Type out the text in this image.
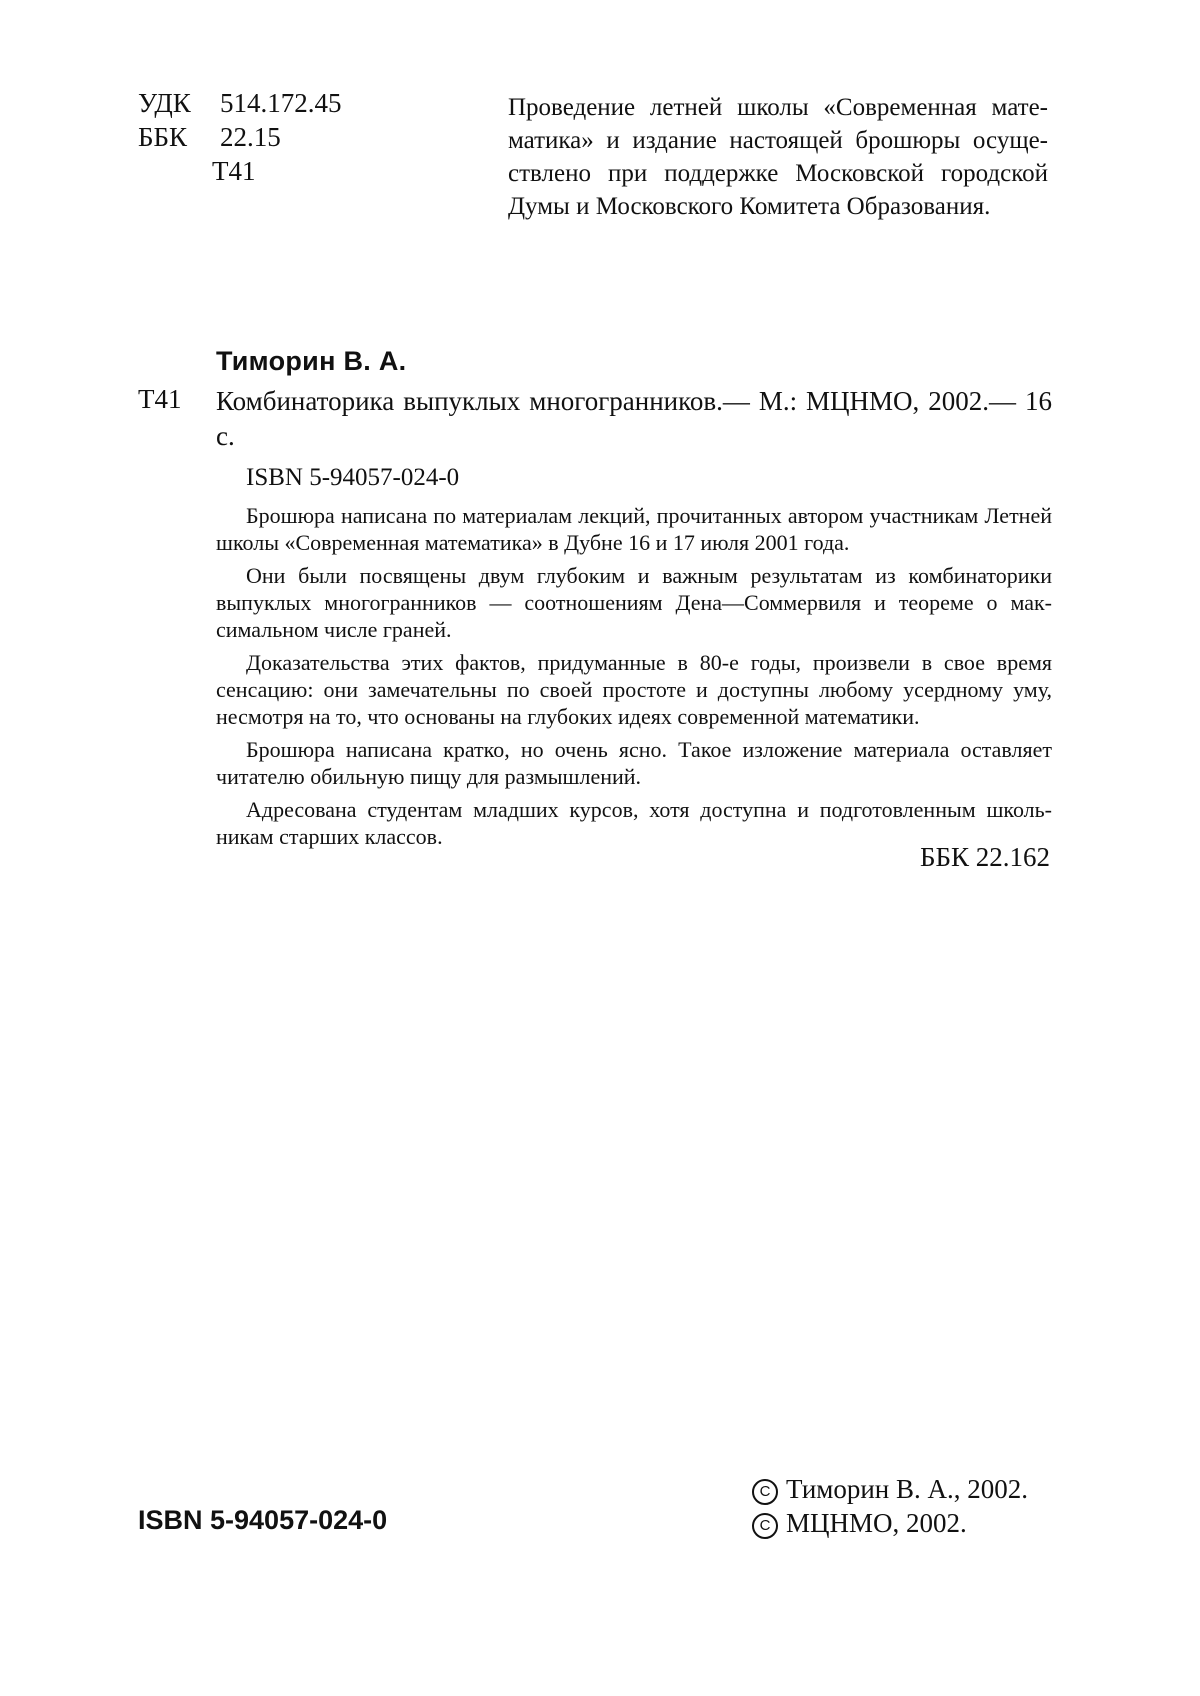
УДК 514.172.45
ББК 22.15
Т41
Проведение летней школы «Современная мате- матика» и издание настоящей брошюры осуще- ствлено при поддержке Московской городской Думы и Московского Комитета Образования.
Тиморин В. А.
Т41 Комбинаторика выпуклых многогранников.— М.: МЦНМО, 2002.— 16 с.
ISBN 5-94057-024-0

Брошюра написана по материалам лекций, прочитанных автором участникам Летней школы «Современная математика» в Дубне 16 и 17 июля 2001 года.

Они были посвящены двум глубоким и важным результатам из комбинаторики выпуклых многогранников — соотношениям Дена—Соммервиля и теореме о мак- симальном числе граней.

Доказательства этих фактов, придуманные в 80-е годы, произвели в свое время сенсацию: они замечательны по своей простоте и доступны любому усердному уму, несмотря на то, что основаны на глубоких идеях современной математики.

Брошюра написана кратко, но очень ясно. Такое изложение материала оставляет читателю обильную пищу для размышлений.

Адресована студентам младших курсов, хотя доступна и подготовленным школь- никам старших классов.

ББК 22.162
ISBN 5-94057-024-0
C Тиморин В. А., 2002.
C МЦНМО, 2002.
